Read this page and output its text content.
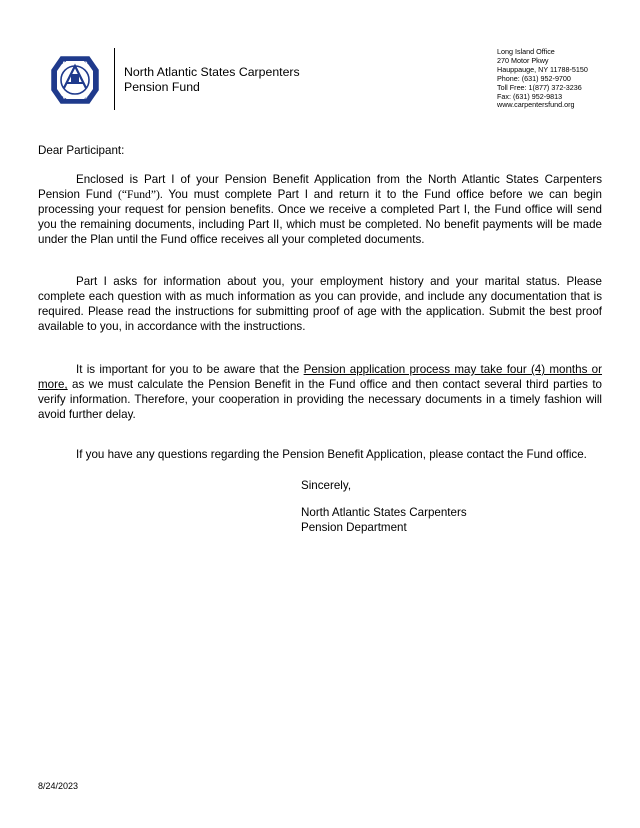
North Atlantic States Carpenters
Pension Fund
Long Island Office
270 Motor Pkwy
Hauppauge, NY 11788-5150
Phone: (631) 952-9700
Toll Free: 1(877) 372-3236
Fax: (631) 952-9813
www.carpentersfund.org
Dear Participant:

Enclosed is Part I of your Pension Benefit Application from the North Atlantic States Carpenters Pension Fund (“Fund”). You must complete Part I and return it to the Fund office before we can begin processing your request for pension benefits. Once we receive a completed Part I, the Fund office will send you the remaining documents, including Part II, which must be completed. No benefit payments will be made under the Plan until the Fund office receives all your completed documents.

Part I asks for information about you, your employment history and your marital status. Please complete each question with as much information as you can provide, and include any documentation that is required. Please read the instructions for submitting proof of age with the application. Submit the best proof available to you, in accordance with the instructions.

It is important for you to be aware that the Pension application process may take four (4) months or more, as we must calculate the Pension Benefit in the Fund office and then contact several third parties to verify information. Therefore, your cooperation in providing the necessary documents in a timely fashion will avoid further delay.

If you have any questions regarding the Pension Benefit Application, please contact the Fund office.

Sincerely,
North Atlantic States Carpenters
Pension Department
8/24/2023
